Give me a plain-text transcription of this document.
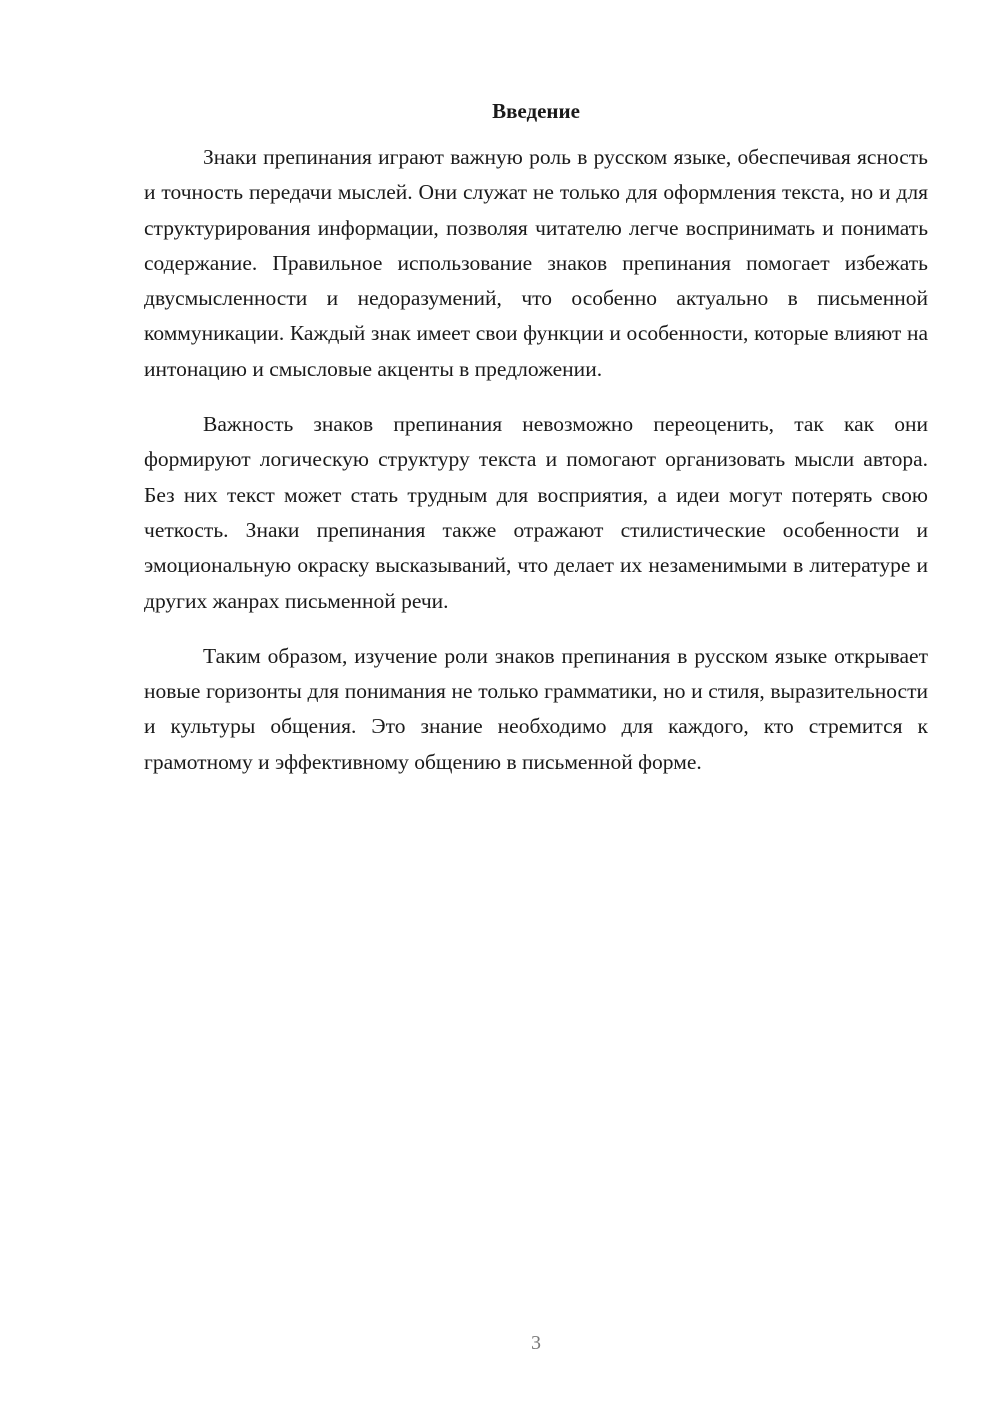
Введение

Знаки препинания играют важную роль в русском языке, обеспечивая ясность и точность передачи мыслей. Они служат не только для оформления текста, но и для структурирования информации, позволяя читателю легче воспринимать и понимать содержание. Правильное использование знаков препинания помогает избежать двусмысленности и недоразумений, что особенно актуально в письменной коммуникации. Каждый знак имеет свои функции и особенности, которые влияют на интонацию и смысловые акценты в предложении.

Важность знаков препинания невозможно переоценить, так как они формируют логическую структуру текста и помогают организовать мысли автора. Без них текст может стать трудным для восприятия, а идеи могут потерять свою четкость. Знаки препинания также отражают стилистические особенности и эмоциональную окраску высказываний, что делает их незаменимыми в литературе и других жанрах письменной речи.

Таким образом, изучение роли знаков препинания в русском языке открывает новые горизонты для понимания не только грамматики, но и стиля, выразительности и культуры общения. Это знание необходимо для каждого, кто стремится к грамотному и эффективному общению в письменной форме.

3
